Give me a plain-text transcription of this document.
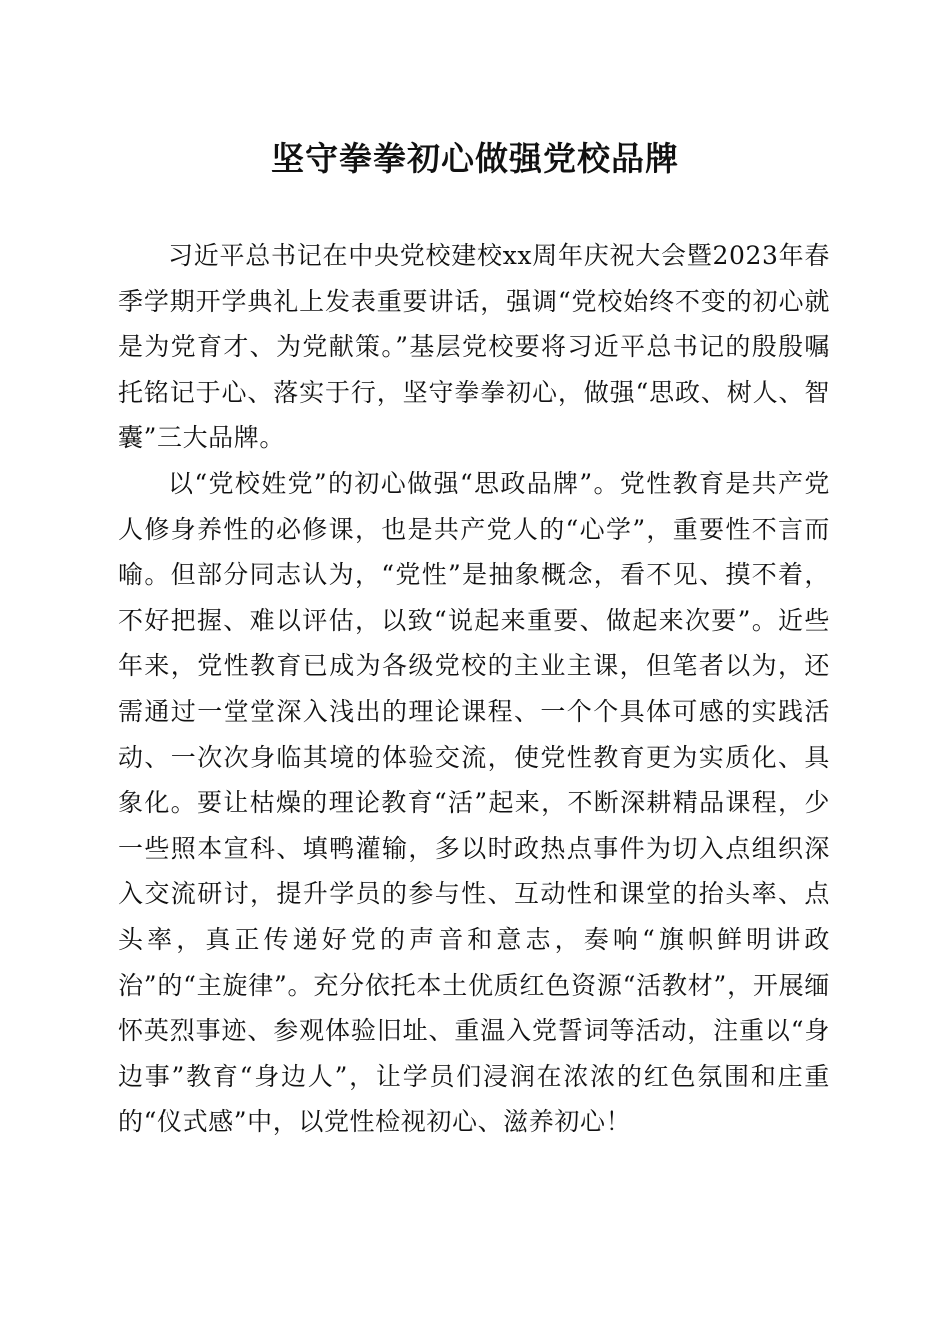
坚守拳拳初心做强党校品牌

习近平总书记在中央党校建校xx周年庆祝大会暨2023年春季学期开学典礼上发表重要讲话，强调“党校始终不变的初心就是为党育才、为党献策。”基层党校要将习近平总书记的殷殷嘱托铭记于心、落实于行，坚守拳拳初心，做强“思政、树人、智囊”三大品牌。

以“党校姓党”的初心做强“思政品牌”。党性教育是共产党人修身养性的必修课，也是共产党人的“心学”，重要性不言而喻。但部分同志认为，“党性”是抽象概念，看不见、摸不着，不好把握、难以评估，以致“说起来重要、做起来次要”。近些年来，党性教育已成为各级党校的主业主课，但笔者以为，还需通过一堂堂深入浅出的理论课程、一个个具体可感的实践活动、一次次身临其境的体验交流，使党性教育更为实质化、具象化。要让枯燥的理论教育“活”起来，不断深耕精品课程，少一些照本宣科、填鸭灌输，多以时政热点事件为切入点组织深入交流研讨，提升学员的参与性、互动性和课堂的抬头率、点头率，真正传递好党的声音和意志，奏响“旗帜鲜明讲政治”的“主旋律”。充分依托本土优质红色资源“活教材”，开展缅怀英烈事迹、参观体验旧址、重温入党誓词等活动，注重以“身边事”教育“身边人”，让学员们浸润在浓浓的红色氛围和庄重的“仪式感”中，以党性检视初心、滋养初心！
